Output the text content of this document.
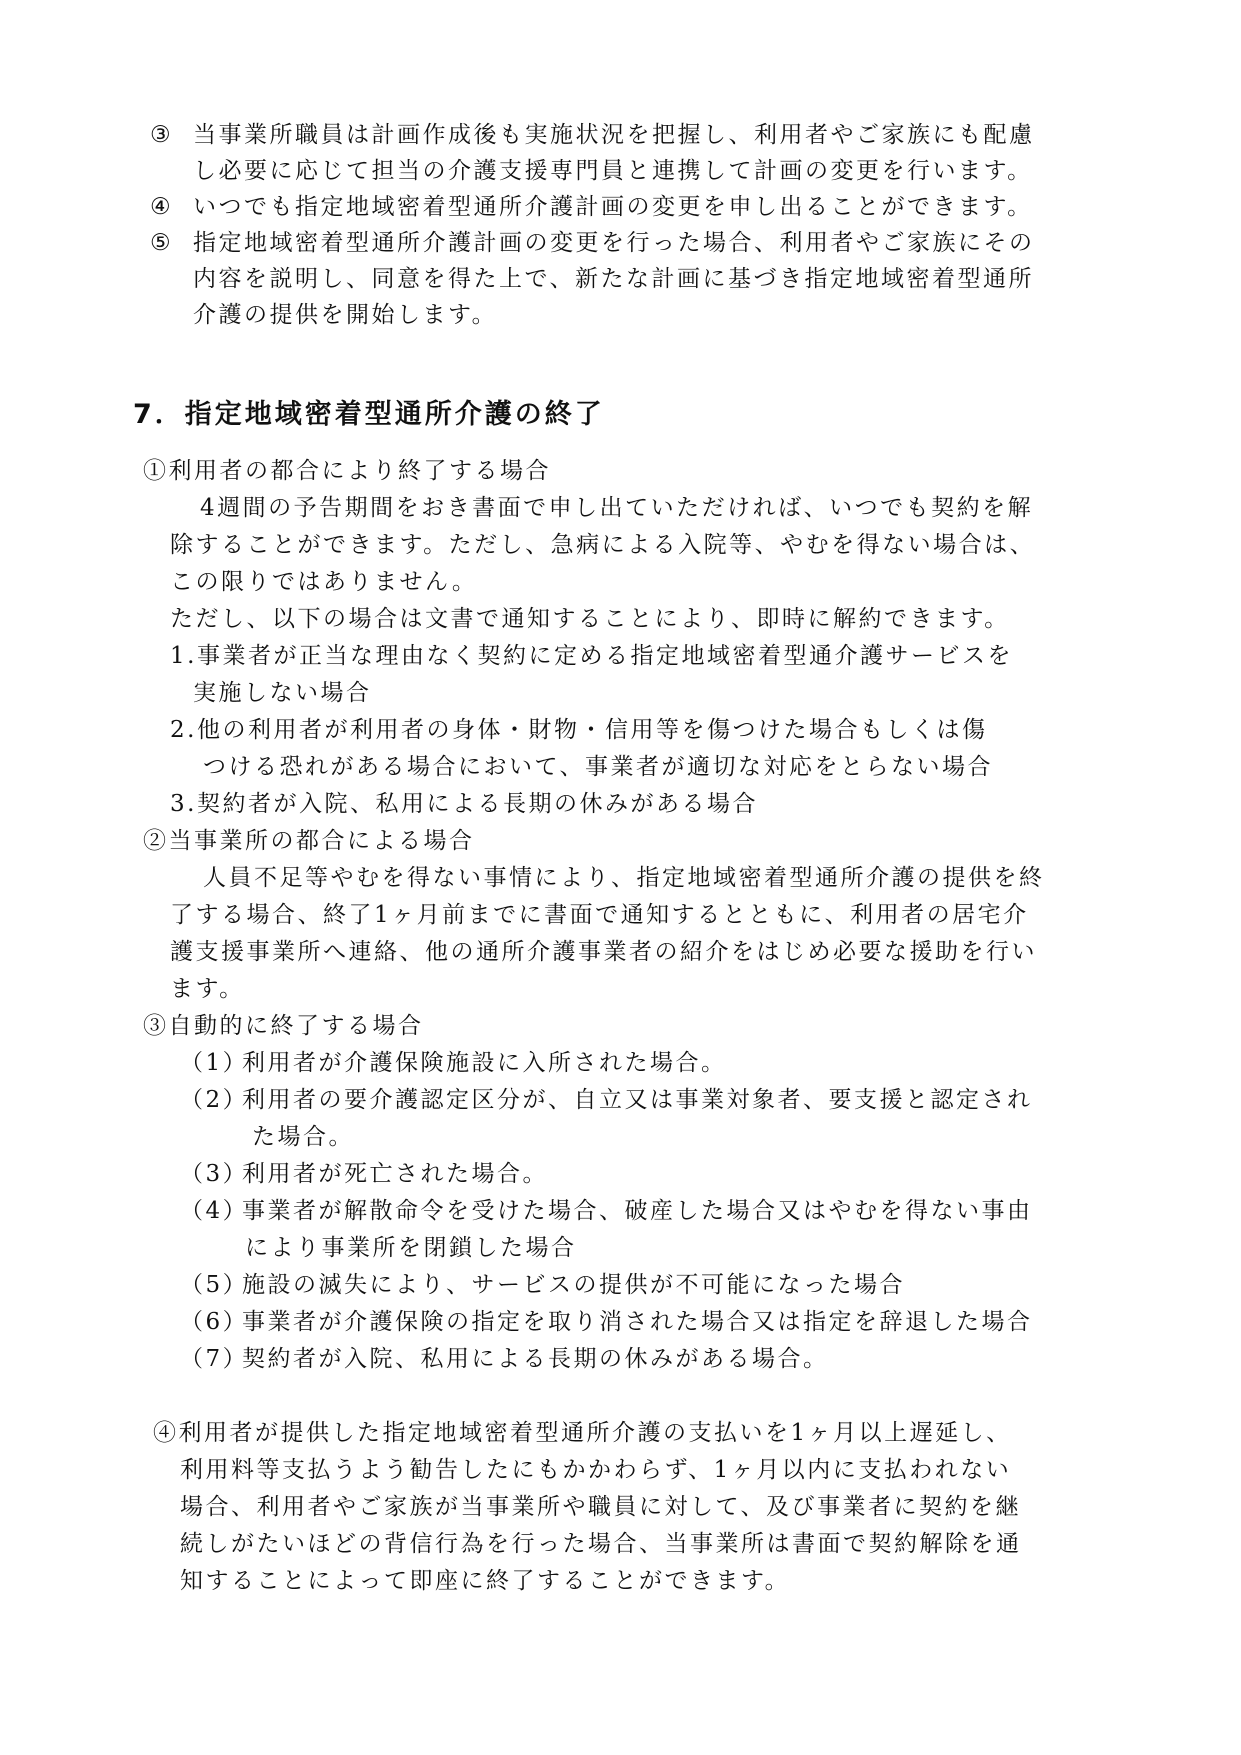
③ 当事業所職員は計画作成後も実施状況を把握し、利用者やご家族にも配慮
し必要に応じて担当の介護支援専門員と連携して計画の変更を行います。
④ いつでも指定地域密着型通所介護計画の変更を申し出ることができます。
⑤ 指定地域密着型通所介護計画の変更を行った場合、利用者やご家族にその
内容を説明し、同意を得た上で、新たな計画に基づき指定地域密着型通所
介護の提供を開始します。
7．指定地域密着型通所介護の終了
①利用者の都合により終了する場合
4週間の予告期間をおき書面で申し出ていただければ、いつでも契約を解
除することができます。ただし、急病による入院等、やむを得ない場合は、
この限りではありません。
ただし、以下の場合は文書で通知することにより、即時に解約できます。
1.事業者が正当な理由なく契約に定める指定地域密着型通介護サービスを
実施しない場合
2.他の利用者が利用者の身体・財物・信用等を傷つけた場合もしくは傷
つける恐れがある場合において、事業者が適切な対応をとらない場合
3.契約者が入院、私用による長期の休みがある場合
②当事業所の都合による場合
人員不足等やむを得ない事情により、指定地域密着型通所介護の提供を終
了する場合、終了1ヶ月前までに書面で通知するとともに、利用者の居宅介
護支援事業所へ連絡、他の通所介護事業者の紹介をはじめ必要な援助を行い
ます。
③自動的に終了する場合
（1）
利用者が介護保険施設に入所された場合。
（2）
利用者の要介護認定区分が、自立又は事業対象者、要支援と認定され
た場合。
（3）
利用者が死亡された場合。
（4）
事業者が解散命令を受けた場合、破産した場合又はやむを得ない事由
により事業所を閉鎖した場合
（5）
施設の滅失により、サービスの提供が不可能になった場合
（6）
事業者が介護保険の指定を取り消された場合又は指定を辞退した場合
（7）
契約者が入院、私用による長期の休みがある場合。
④利用者が提供した指定地域密着型通所介護の支払いを1ヶ月以上遅延し、
利用料等支払うよう勧告したにもかかわらず、1ヶ月以内に支払われない
場合、利用者やご家族が当事業所や職員に対して、及び事業者に契約を継
続しがたいほどの背信行為を行った場合、当事業所は書面で契約解除を通
知することによって即座に終了することができます。
